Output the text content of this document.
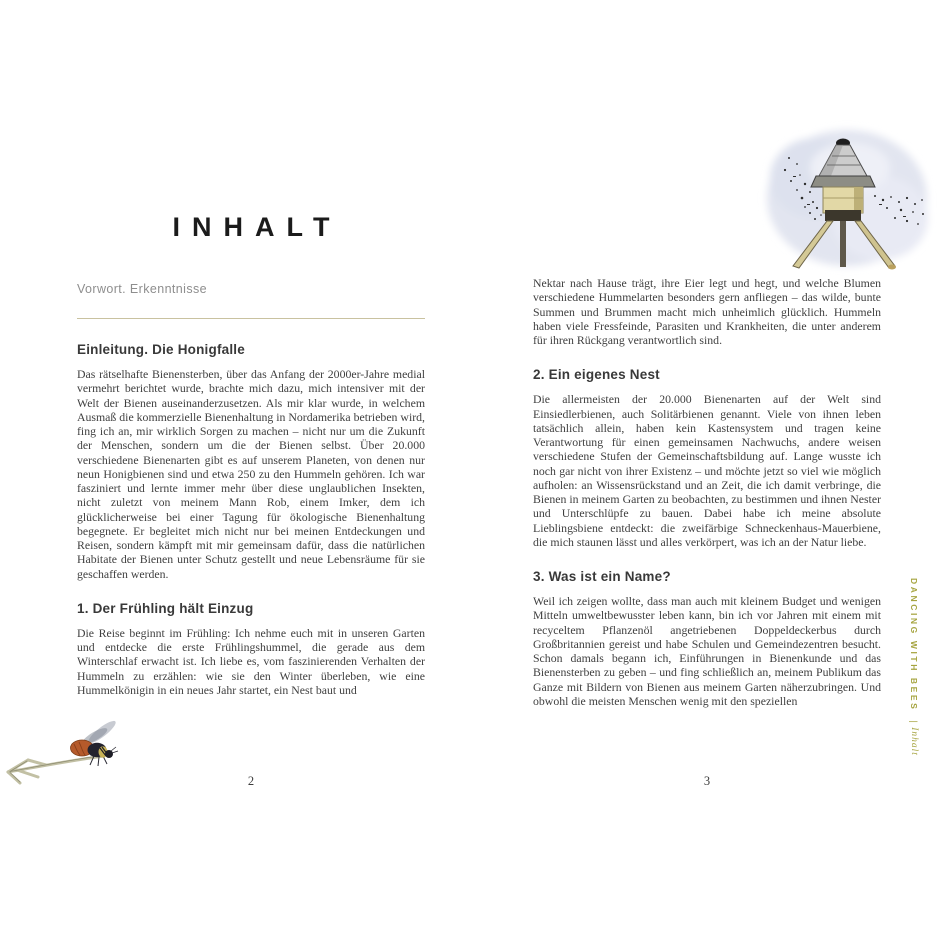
INHALT
Vorwort. Erkenntnisse
Einleitung. Die Honigfalle

Das rätselhafte Bienensterben, über das Anfang der 2000er-Jahre medial vermehrt berichtet wurde, brachte mich dazu, mich intensiver mit der Welt der Bienen auseinanderzusetzen. Als mir klar wurde, in welchem Ausmaß die kommerzielle Bienenhaltung in Nordamerika betrieben wird, fing ich an, mir wirklich Sorgen zu machen – nicht nur um die Zukunft der Menschen, sondern um die der Bienen selbst. Über 20.000 verschiedene Bienenarten gibt es auf unserem Planeten, von denen nur neun Honigbienen sind und etwa 250 zu den Hummeln gehören. Ich war fasziniert und lernte immer mehr über diese unglaublichen Insekten, nicht zuletzt von meinem Mann Rob, einem Imker, dem ich glücklicherweise bei einer Tagung für ökologische Bienenhaltung begegnete. Er begleitet mich nicht nur bei meinen Entdeckungen und Reisen, sondern kämpft mit mir gemeinsam dafür, dass die natürlichen Habitate der Bienen unter Schutz gestellt und neue Lebensräume für sie geschaffen werden.

1. Der Frühling hält Einzug

Die Reise beginnt im Frühling: Ich nehme euch mit in unseren Garten und entdecke die erste Frühlingshummel, die gerade aus dem Winterschlaf erwacht ist. Ich liebe es, vom faszinierenden Verhalten der Hummeln zu erzählen: wie sie den Winter überleben, wie eine Hummelkönigin in ein neues Jahr startet, ein Nest baut und

2

Nektar nach Hause trägt, ihre Eier legt und hegt, und welche Blumen verschiedene Hummelarten besonders gern anfliegen – das wilde, bunte Summen und Brummen macht mich unheimlich glücklich. Hummeln haben viele Fressfeinde, Parasiten und Krankheiten, die unter anderem für ihren Rückgang verantwortlich sind.

2. Ein eigenes Nest

Die allermeisten der 20.000 Bienenarten auf der Welt sind Einsiedlerbienen, auch Solitärbienen genannt. Viele von ihnen leben tatsächlich allein, haben kein Kastensystem und tragen keine Verantwortung für einen gemeinsamen Nachwuchs, andere weisen verschiedene Stufen der Gemeinschaftsbildung auf. Lange wusste ich noch gar nicht von ihrer Existenz – und möchte jetzt so viel wie möglich aufholen: an Wissensrückstand und an Zeit, die ich damit verbringe, die Bienen in meinem Garten zu beobachten, zu bestimmen und ihnen Nester und Unterschlüpfe zu bauen. Dabei habe ich meine absolute Lieblingsbiene entdeckt: die zweifärbige Schneckenhaus-Mauerbiene, die mich staunen lässt und alles verkörpert, was ich an der Natur liebe.

3. Was ist ein Name?

Weil ich zeigen wollte, dass man auch mit kleinem Budget und wenigen Mitteln umweltbewusster leben kann, bin ich vor Jahren mit einem mit recyceltem Pflanzenöl angetriebenen Doppeldeckerbus durch Großbritannien gereist und habe Schulen und Gemeindezentren besucht. Schon damals begann ich, Einführungen in Bienenkunde und das Bienensterben zu geben – und fing schließlich an, meinem Publikum das Ganze mit Bildern von Bienen aus meinem Garten näherzubringen. Und obwohl die meisten Menschen wenig mit den speziellen

3
DANCING WITH BEES  | Inhalt
